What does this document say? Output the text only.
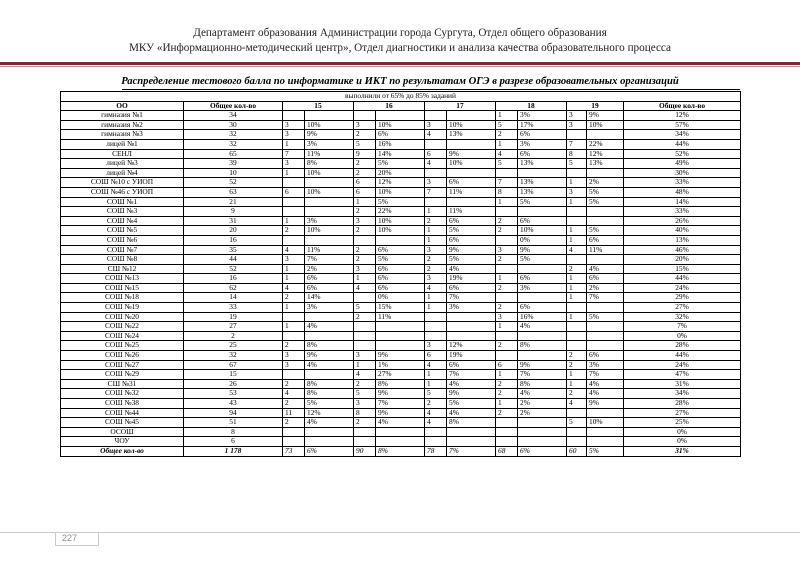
Департамент образования Администрации города Сургута, Отдел общего образования
МКУ «Информационно-методический центр», Отдел диагностики и анализа качества образовательного процесса
Распределение тестового балла по информатике и ИКТ по результатам ОГЭ в разрезе образовательных организаций
выполнили от 65% до 85% заданий												
ОО	Общее кол-во	15		16		17		18		19		Общее кол-во
гимназия №1	34							1	3%	3	9%	12%
гимназия №2	30	3	10%	3	10%	3	10%	5	17%	3	10%	57%
гимназия №3	32	3	9%	2	6%	4	13%	2	6%			34%
лицей №1	32	1	3%	5	16%			1	3%	7	22%	44%
СЕНЛ	65	7	11%	9	14%	6	9%	4	6%	8	12%	52%
лицей №3	39	3	8%	2	5%	4	10%	5	13%	5	13%	49%
лицей №4	10	1	10%	2	20%							30%
СОШ №10 с УИОП	52			6	12%	3	6%	7	13%	1	2%	33%
СОШ №46 с УИОП	63	6	10%	6	10%	7	11%	8	13%	3	5%	48%
СОШ №1	21			1	5%			1	5%	1	5%	14%
СОШ №3	9			2	22%	1	11%					33%
СОШ №4	31	1	3%	3	10%	2	6%	2	6%			26%
СОШ №5	20	2	10%	2	10%	1	5%	2	10%	1	5%	40%
СОШ №6	16					1	6%		0%	1	6%	13%
СОШ №7	35	4	11%	2	6%	3	9%	3	9%	4	11%	46%
СОШ №8	44	3	7%	2	5%	2	5%	2	5%			20%
СШ №12	52	1	2%	3	6%	2	4%			2	4%	15%
СОШ №13	16	1	6%	1	6%	3	19%	1	6%	1	6%	44%
СОШ №15	62	4	6%	4	6%	4	6%	2	3%	1	2%	24%
СОШ №18	14	2	14%		0%	1	7%			1	7%	29%
СОШ №19	33	1	3%	5	15%	1	3%	2	6%			27%
СОШ №20	19			2	11%			3	16%	1	5%	32%
СОШ №22	27	1	4%					1	4%			7%
СОШ №24	2											0%
СОШ №25	25	2	8%			3	12%	2	8%			28%
СОШ №26	32	3	9%	3	9%	6	19%			2	6%	44%
СОШ №27	67	3	4%	1	1%	4	6%	6	9%	2	3%	24%
СОШ №29	15			4	27%	1	7%	1	7%	1	7%	47%
СШ №31	26	2	8%	2	8%	1	4%	2	8%	1	4%	31%
СОШ №32	53	4	8%	5	9%	5	9%	2	4%	2	4%	34%
СОШ №38	43	2	5%	3	7%	2	5%	1	2%	4	9%	28%
СОШ №44	94	11	12%	8	9%	4	4%	2	2%			27%
СОШ №45	51	2	4%	2	4%	4	8%			5	10%	25%
ОСОШ	8											0%
ЧОУ	6											0%
Общее кол-во	1 178	73	6%	90	8%	78	7%	68	6%	60	5%	31%
227
